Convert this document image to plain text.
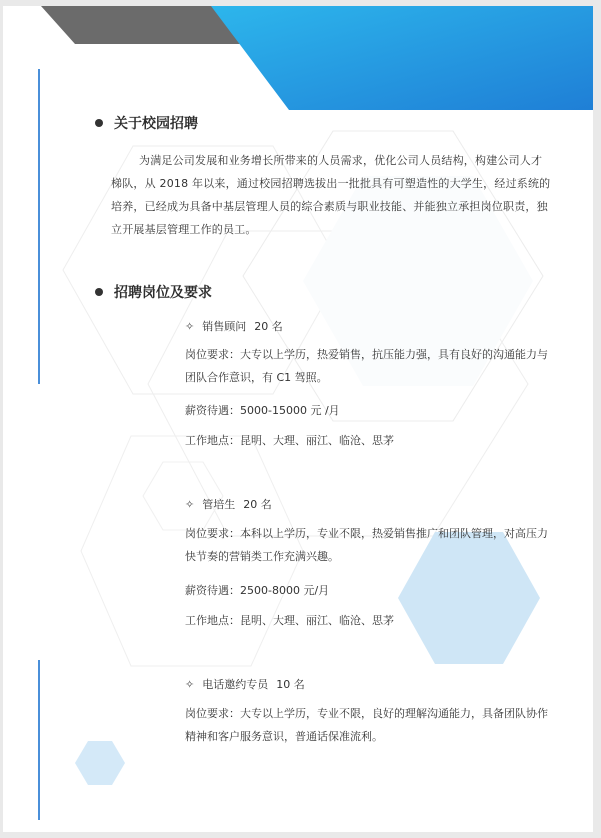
关于校园招聘
为满足公司发展和业务增长所带来的人员需求，优化公司人员结构，构建公司人才梯队，从 2018 年以来，通过校园招聘选拔出一批批具有可塑造性的大学生，经过系统的培养，已经成为具备中基层管理人员的综合素质与职业技能、并能独立承担岗位职责，独立开展基层管理工作的员工。
招聘岗位及要求
✧ 销售顾问 20 名
岗位要求：大专以上学历，热爱销售，抗压能力强，具有良好的沟通能力与团队合作意识，有 C1 驾照。
薪资待遇：5000-15000 元 /月
工作地点：昆明、大理、丽江、临沧、思茅
✧ 管培生 20 名
岗位要求：本科以上学历，专业不限，热爱销售推广和团队管理，对高压力快节奏的营销类工作充满兴趣。
薪资待遇：2500-8000 元/月
工作地点：昆明、大理、丽江、临沧、思茅
✧ 电话邀约专员 10 名
岗位要求：大专以上学历，专业不限，良好的理解沟通能力，具备团队协作精神和客户服务意识，普通话保准流利。
